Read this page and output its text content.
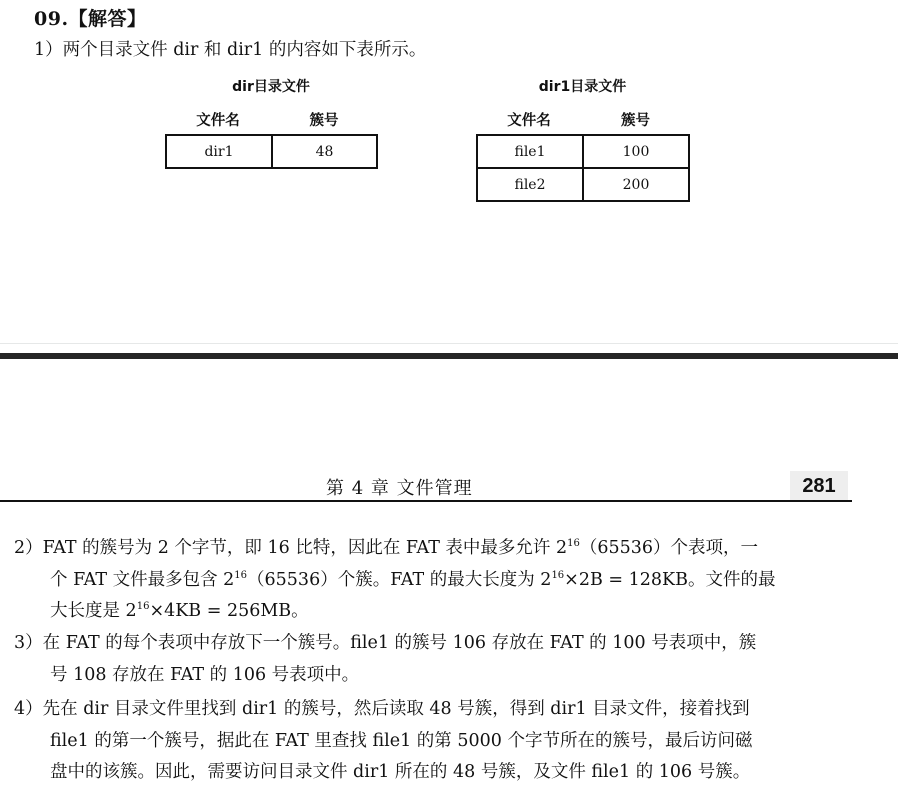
09.【解答】
1）两个目录文件 dir 和 dir1 的内容如下表所示。
dir目录文件
文件名	簇号
dir1	48
dir1目录文件
文件名	簇号
file1	100
file2	200
第 4 章 文件管理	281
2）FAT 的簇号为 2 个字节，即 16 比特，因此在 FAT 表中最多允许 $2^{16}(65536)$个表项，一
个 FAT 文件最多包含 $2^{16}(65536)$个簇。FAT 的最大长度为 $2^{16}\times 2B = 128KB$。文件的最
大长度是 $2^{16}\times 4KB = 256MB$。
3）在 FAT 的每个表项中存放下一个簇号。file1 的簇号 106 存放在 FAT 的 100 号表项中，簇
号 108 存放在 FAT 的 106 号表项中。
4）先在 dir 目录文件里找到 dir1 的簇号，然后读取 48 号簇，得到 dir1 目录文件，接着找到
file1 的第一个簇号，据此在 FAT 里查找 file1 的第 5000 个字节所在的簇号，最后访问磁
盘中的该簇。因此，需要访问目录文件 dir1 所在的 48 号簇，及文件 file1 的 106 号簇。
